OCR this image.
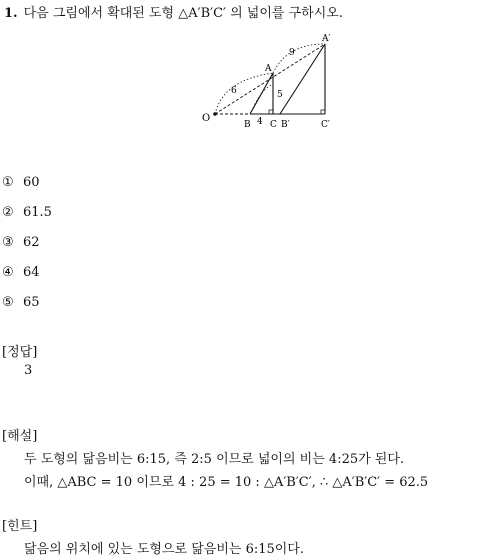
1. 다음 그림에서 확대된 도형 △A′B′C′ 의 넓이를 구하시오.
O
A
A′
B C B′	C′
6
9
5
4
① 60
② 61.5
③ 62
④ 64
⑤ 65
[정답]
3
[해설]
두 도형의 닮음비는 6:15, 즉 2:5 이므로 넓이의 비는 4:25가 된다.
이때, △ABC = 10 이므로 4 : 25 = 10 : △A′B′C′, ∴ △A′B′C′ = 62.5
[힌트]
닮음의 위치에 있는 도형으로 닮음비는 6:15이다.
